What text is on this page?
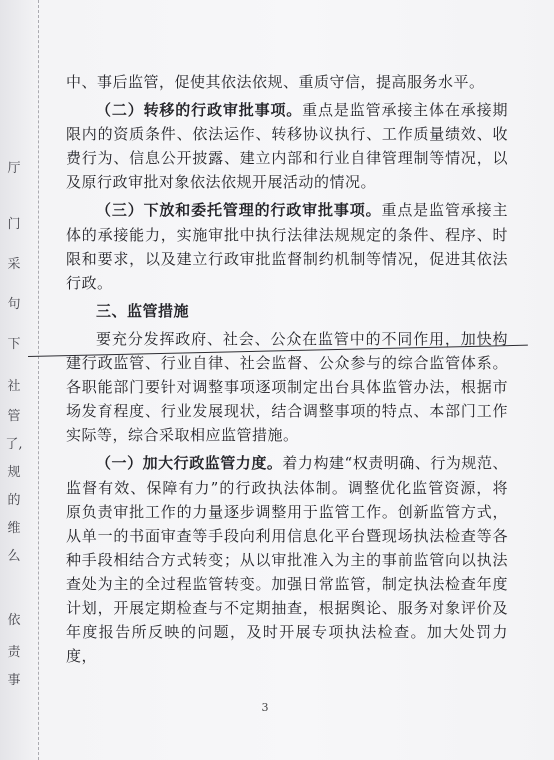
厅
门
采
句
下
社
管
了,
规
的
维
么
依
责
事

中、事后监管，促使其依法依规、重质守信，提高服务水平。

（二）转移的行政审批事项。重点是监管承接主体在承接期限内的资质条件、依法运作、转移协议执行、工作质量绩效、收费行为、信息公开披露、建立内部和行业自律管理制等情况，以及原行政审批对象依法依规开展活动的情况。

（三）下放和委托管理的行政审批事项。重点是监管承接主体的承接能力，实施审批中执行法律法规规定的条件、程序、时限和要求，以及建立行政审批监督制约机制等情况，促进其依法行政。

三、监管措施

要充分发挥政府、社会、公众在监管中的不同作用，加快构建行政监管、行业自律、社会监督、公众参与的综合监管体系。各职能部门要针对调整事项逐项制定出台具体监管办法，根据市场发育程度、行业发展现状，结合调整事项的特点、本部门工作实际等，综合采取相应监管措施。

（一）加大行政监管力度。着力构建“权责明确、行为规范、监督有效、保障有力”的行政执法体制。调整优化监管资源，将原负责审批工作的力量逐步调整用于监管工作。创新监管方式，从单一的书面审查等手段向利用信息化平台暨现场执法检查等各种手段相结合方式转变；从以审批准入为主的事前监管向以执法查处为主的全过程监管转变。加强日常监管，制定执法检查年度计划，开展定期检查与不定期抽查，根据舆论、服务对象评价及年度报告所反映的问题，及时开展专项执法检查。加大处罚力度，

3
